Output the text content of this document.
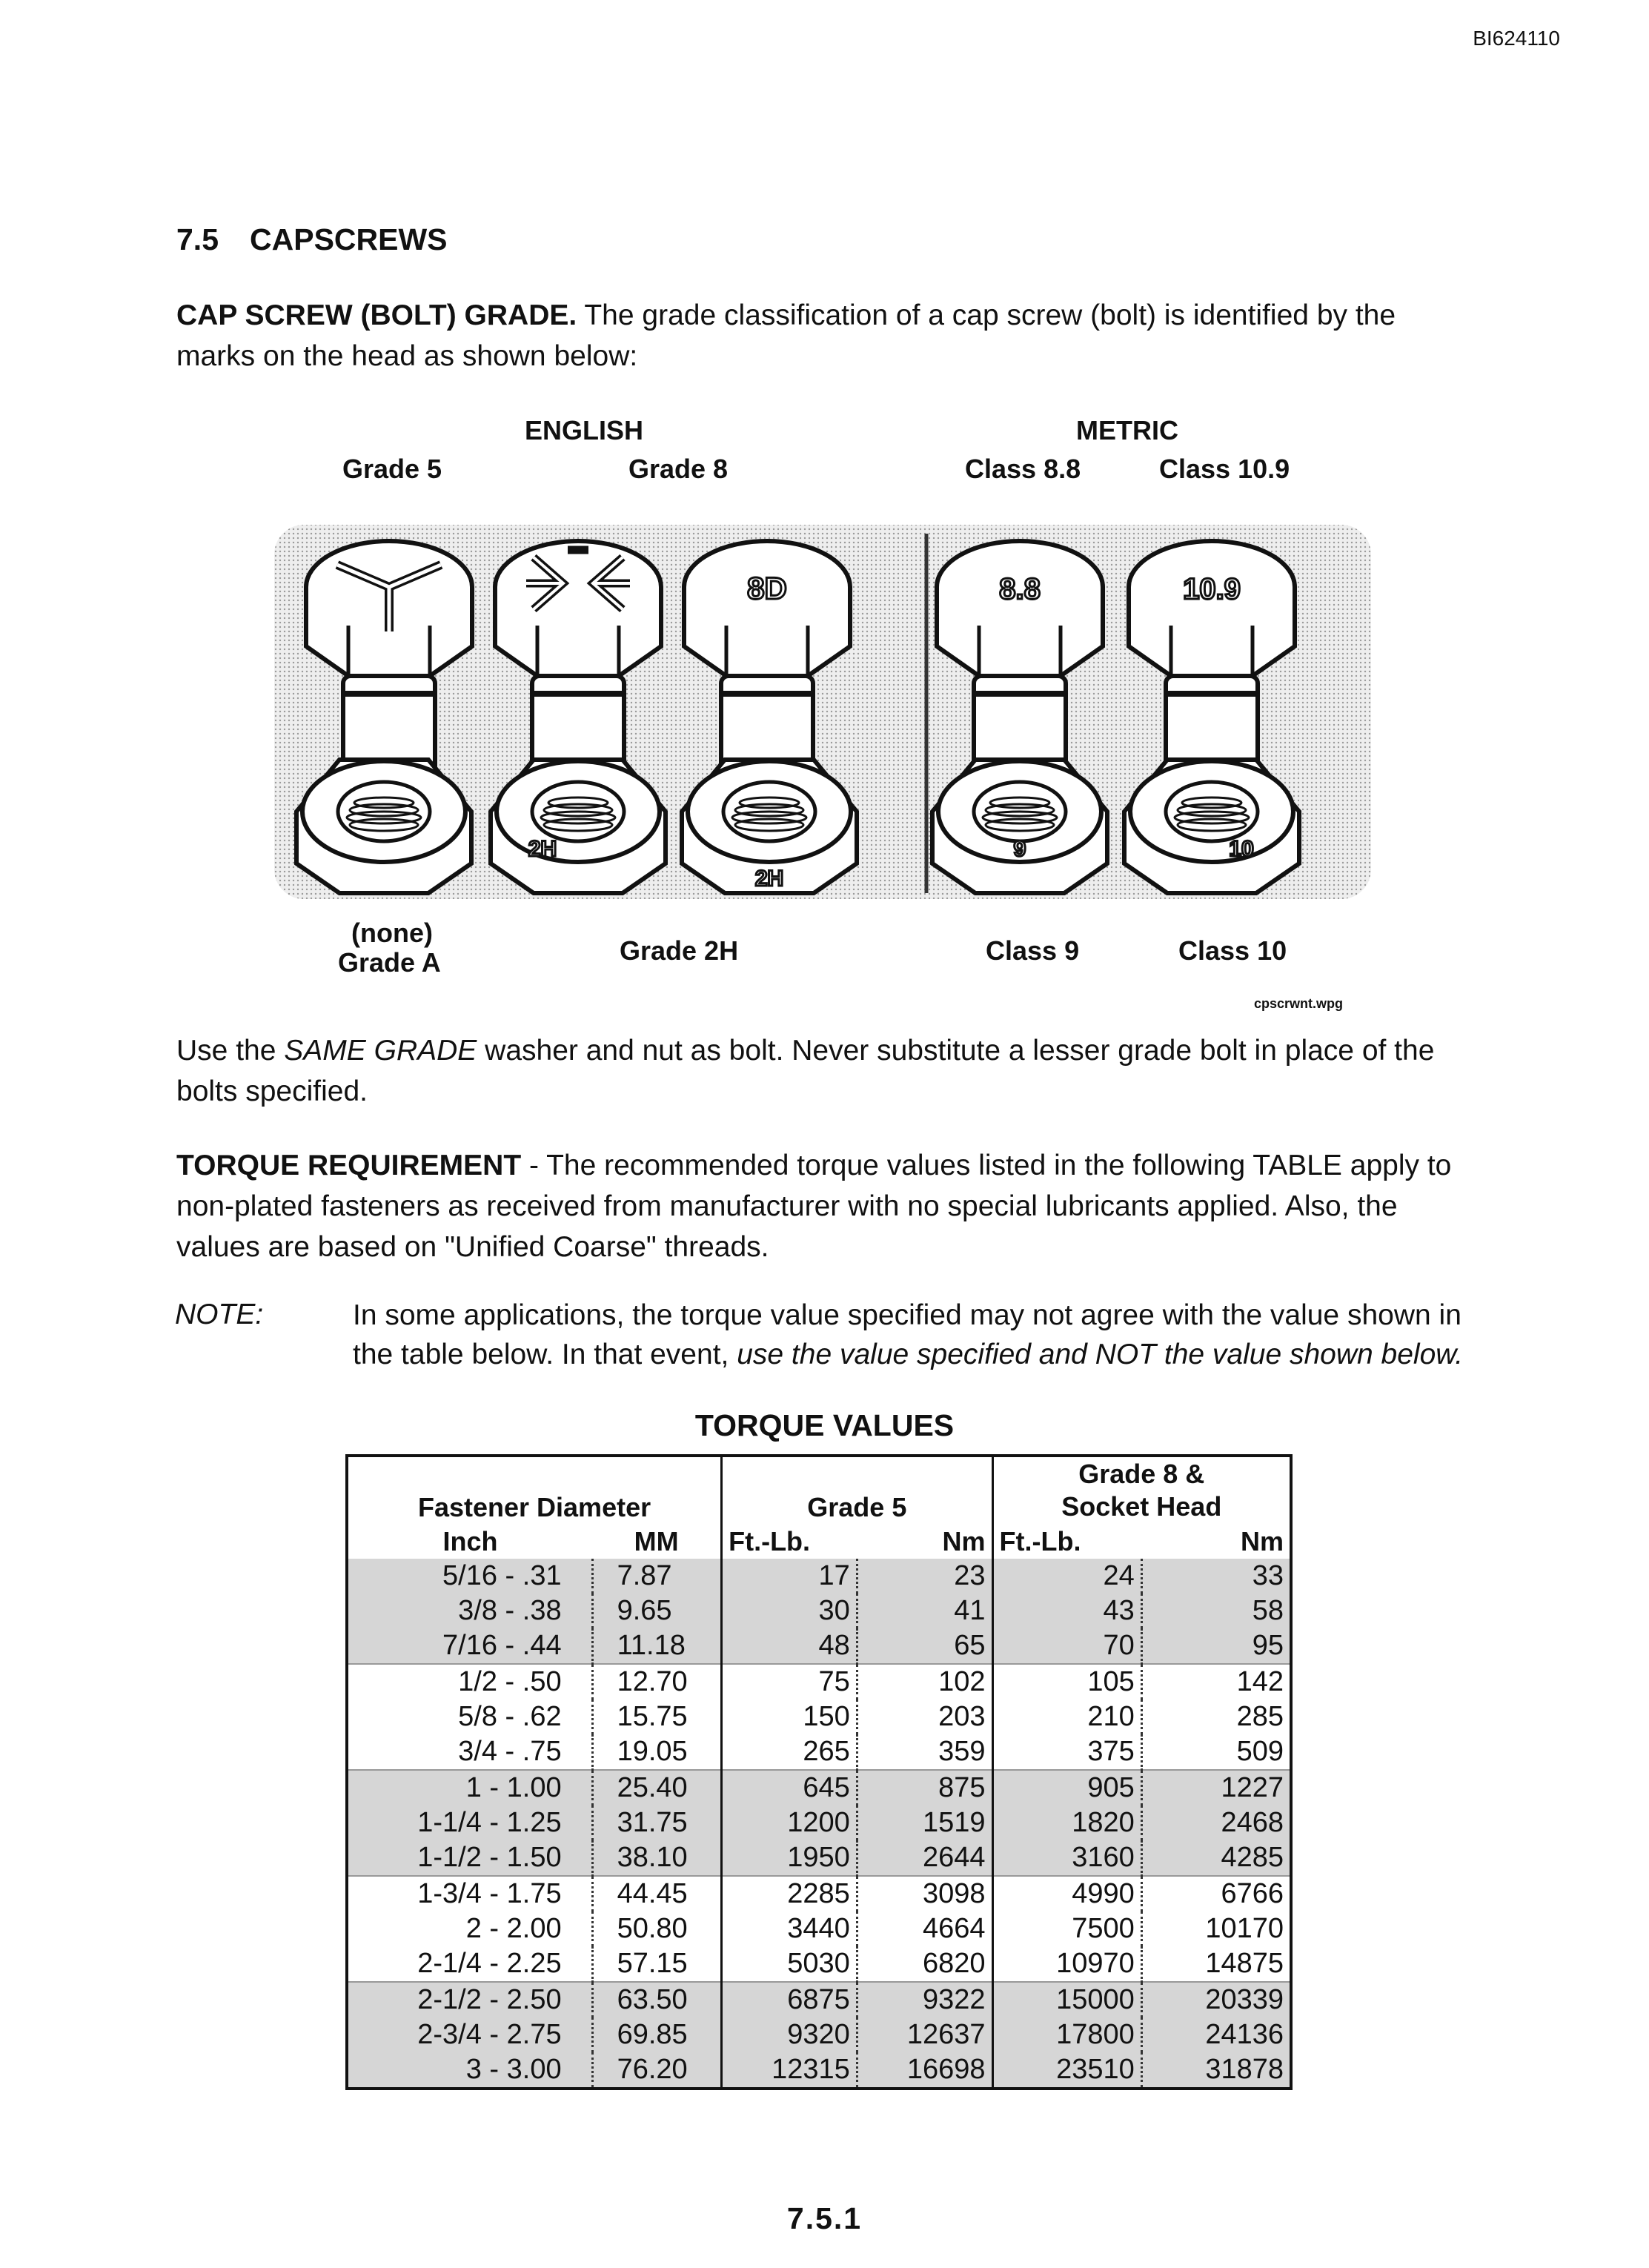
BI624110
7.5 CAPSCREWS
CAP SCREW (BOLT) GRADE. The grade classification of a cap screw (bolt) is identified by the marks on the head as shown below:
ENGLISH	METRIC
Grade 5	Grade 8	Class 8.8	Class 10.9
8D	8.8	10.9
2H
2H
9	10
(none)
Grade A	Grade 2H	Class 9	Class 10
cpscrwnt.wpg
Use the SAME GRADE washer and nut as bolt. Never substitute a lesser grade bolt in place of the bolts specified.
TORQUE REQUIREMENT - The recommended torque values listed in the following TABLE apply to non-plated fasteners as received from manufacturer with no special lubricants applied. Also, the values are based on "Unified Coarse" threads.
NOTE:	In some applications, the torque value specified may not agree with the value shown in the table below. In that event, use the value specified and NOT the value shown below.
TORQUE VALUES
Fastener Diameter		Grade 5		Grade 8 &
Socket Head	

Inch	MM	Ft.-Lb.	Nm	Ft.-Lb.	Nm
5/16 - .31	7.87	17	23	24	33
3/8 - .38	9.65	30	41	43	58
7/16 - .44	11.18	48	65	70	95
1/2 - .50	12.70	75	102	105	142
5/8 - .62	15.75	150	203	210	285
3/4 - .75	19.05	265	359	375	509
1 - 1.00	25.40	645	875	905	1227
1-1/4 - 1.25	31.75	1200	1519	1820	2468
1-1/2 - 1.50	38.10	1950	2644	3160	4285
1-3/4 - 1.75	44.45	2285	3098	4990	6766
2 - 2.00	50.80	3440	4664	7500	10170
2-1/4 - 2.25	57.15	5030	6820	10970	14875
2-1/2 - 2.50	63.50	6875	9322	15000	20339
2-3/4 - 2.75	69.85	9320	12637	17800	24136
3 - 3.00	76.20	12315	16698	23510	31878
7.5.1
